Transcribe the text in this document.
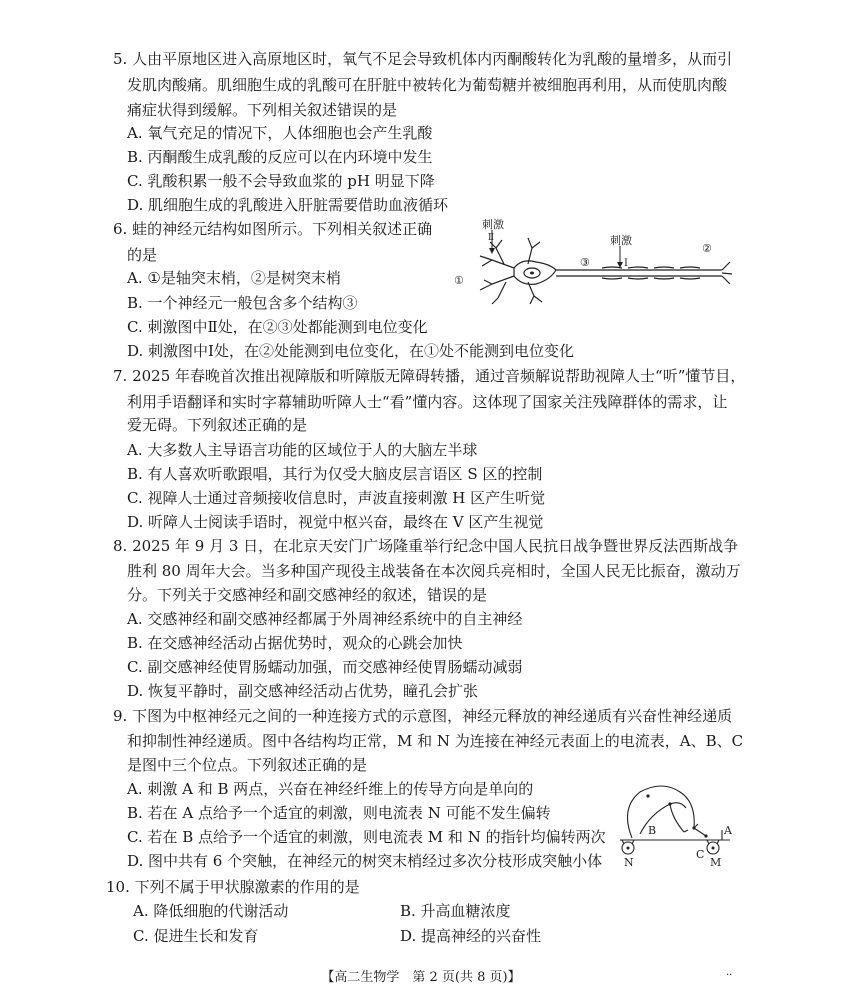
5. 人由平原地区进入高原地区时，氧气不足会导致机体内丙酮酸转化为乳酸的量增多，从而引
发肌肉酸痛。肌细胞生成的乳酸可在肝脏中被转化为葡萄糖并被细胞再利用，从而使肌肉酸
痛症状得到缓解。下列相关叙述错误的是
A. 氧气充足的情况下，人体细胞也会产生乳酸
B. 丙酮酸生成乳酸的反应可以在内环境中发生
C. 乳酸积累一般不会导致血浆的 pH 明显下降
D. 肌细胞生成的乳酸进入肝脏需要借助血液循环
6. 蛙的神经元结构如图所示。下列相关叙述正确
的是
A. ①是轴突末梢，②是树突末梢
B. 一个神经元一般包含多个结构③
C. 刺激图中Ⅱ处，在②③处都能测到电位变化
D. 刺激图中Ⅰ处，在②处能测到电位变化，在①处不能测到电位变化
刺激
Ⅱ	刺激
Ⅰ
①
②
③
7. 2025 年春晚首次推出视障版和听障版无障碍转播，通过音频解说帮助视障人士“听”懂节目，
利用手语翻译和实时字幕辅助听障人士“看”懂内容。这体现了国家关注残障群体的需求，让
爱无碍。下列叙述正确的是
A. 大多数人主导语言功能的区域位于人的大脑左半球
B. 有人喜欢听歌跟唱，其行为仅受大脑皮层言语区 S 区的控制
C. 视障人士通过音频接收信息时，声波直接刺激 H 区产生听觉
D. 听障人士阅读手语时，视觉中枢兴奋，最终在 V 区产生视觉
8. 2025 年 9 月 3 日，在北京天安门广场隆重举行纪念中国人民抗日战争暨世界反法西斯战争
胜利 80 周年大会。当多种国产现役主战装备在本次阅兵亮相时，全国人民无比振奋，激动万
分。下列关于交感神经和副交感神经的叙述，错误的是
A. 交感神经和副交感神经都属于外周神经系统中的自主神经
B. 在交感神经活动占据优势时，观众的心跳会加快
C. 副交感神经使胃肠蠕动加强，而交感神经使胃肠蠕动减弱
D. 恢复平静时，副交感神经活动占优势，瞳孔会扩张
9. 下图为中枢神经元之间的一种连接方式的示意图，神经元释放的神经递质有兴奋性神经递质
和抑制性神经递质。图中各结构均正常，M 和 N 为连接在神经元表面上的电流表，A、B、C
是图中三个位点。下列叙述正确的是
A. 刺激 A 和 B 两点，兴奋在神经纤维上的传导方向是单向的
B. 若在 A 点给予一个适宜的刺激，则电流表 N 可能不发生偏转
C. 若在 B 点给予一个适宜的刺激，则电流表 M 和 N 的指针均偏转两次
D. 图中共有 6 个突触，在神经元的树突末梢经过多次分枝形成突触小体
A
B
C
M
N
10. 下列不属于甲状腺激素的作用的是
A. 降低细胞的代谢活动	B. 升高血糖浓度
C. 促进生长和发育	D. 提高神经的兴奋性
【高二生物学　第 2 页(共 8 页)】	··
